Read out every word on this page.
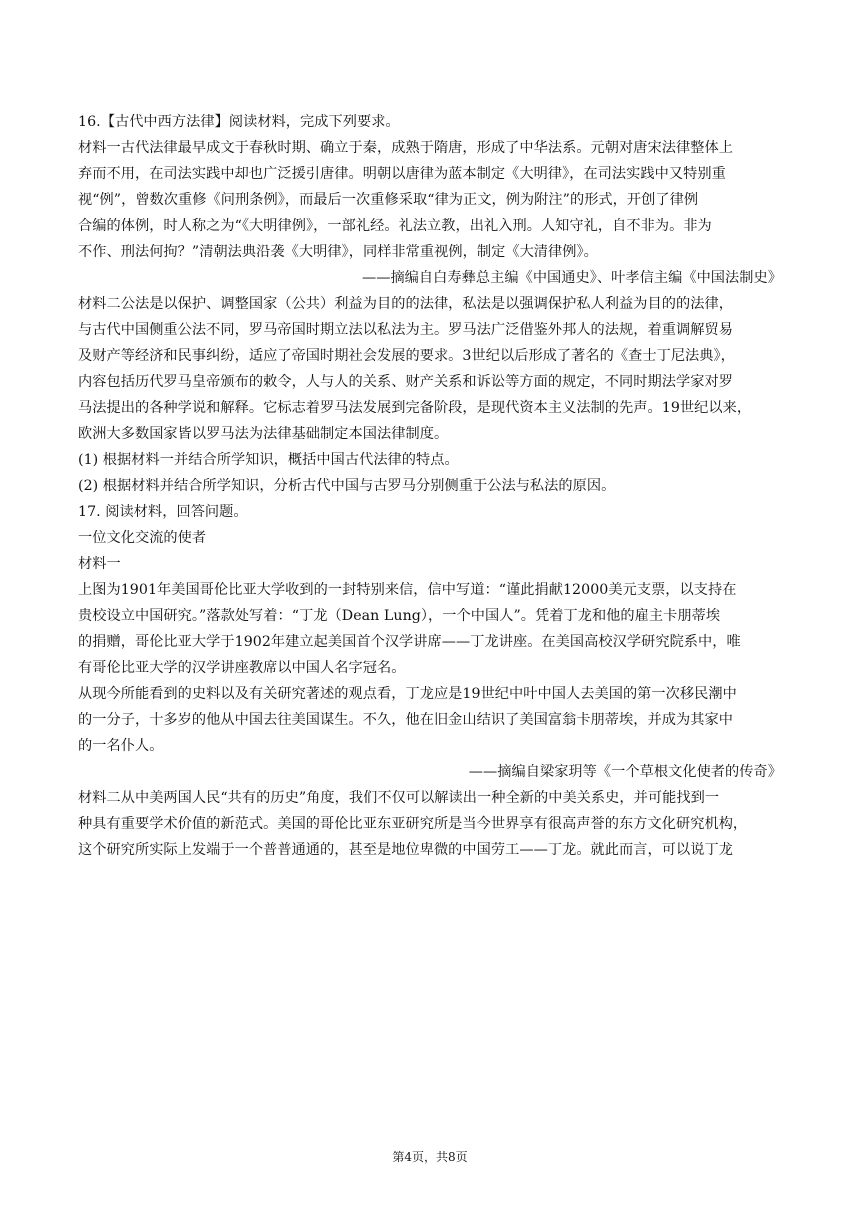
16.【古代中西方法律】阅读材料，完成下列要求。
材料一古代法律最早成文于春秋时期、确立于秦，成熟于隋唐，形成了中华法系。元朝对唐宋法律整体上
弃而不用，在司法实践中却也广泛援引唐律。明朝以唐律为蓝本制定《大明律》，在司法实践中又特别重
视“例”，曾数次重修《问刑条例》，而最后一次重修采取“律为正文，例为附注”的形式，开创了律例
合编的体例，时人称之为“《大明律例》，一部礼经。礼法立教，出礼入刑。人知守礼，自不非为。非为
不作、刑法何拘？”清朝法典沿袭《大明律》，同样非常重视例，制定《大清律例》。
——摘编自白寿彝总主编《中国通史》、叶孝信主编《中国法制史》
材料二公法是以保护、调整国家（公共）利益为目的的法律，私法是以强调保护私人利益为目的的法律，
与古代中国侧重公法不同，罗马帝国时期立法以私法为主。罗马法广泛借鉴外邦人的法规，着重调解贸易
及财产等经济和民事纠纷，适应了帝国时期社会发展的要求。3世纪以后形成了著名的《查士丁尼法典》，
内容包括历代罗马皇帝颁布的敕令，人与人的关系、财产关系和诉讼等方面的规定，不同时期法学家对罗
马法提出的各种学说和解释。它标志着罗马法发展到完备阶段，是现代资本主义法制的先声。19世纪以来，
欧洲大多数国家皆以罗马法为法律基础制定本国法律制度。
(1) 根据材料一并结合所学知识，概括中国古代法律的特点。
(2) 根据材料并结合所学知识，分析古代中国与古罗马分别侧重于公法与私法的原因。
17. 阅读材料，回答问题。
一位文化交流的使者
材料一
上图为1901年美国哥伦比亚大学收到的一封特别来信，信中写道：“谨此捐献12000美元支票，以支持在
贵校设立中国研究。”落款处写着：“丁龙（Dean Lung），一个中国人”。凭着丁龙和他的雇主卡朋蒂埃
的捐赠，哥伦比亚大学于1902年建立起美国首个汉学讲席——丁龙讲座。在美国高校汉学研究院系中，唯
有哥伦比亚大学的汉学讲座教席以中国人名字冠名。
从现今所能看到的史料以及有关研究著述的观点看，丁龙应是19世纪中叶中国人去美国的第一次移民潮中
的一分子，十多岁的他从中国去往美国谋生。不久，他在旧金山结识了美国富翁卡朋蒂埃，并成为其家中
的一名仆人。
——摘编自梁家玥等《一个草根文化使者的传奇》
材料二从中美两国人民“共有的历史”角度，我们不仅可以解读出一种全新的中美关系史，并可能找到一
种具有重要学术价值的新范式。美国的哥伦比亚东亚研究所是当今世界享有很高声誉的东方文化研究机构，
这个研究所实际上发端于一个普普通通的，甚至是地位卑微的中国劳工——丁龙。就此而言，可以说丁龙
第4页，共8页
